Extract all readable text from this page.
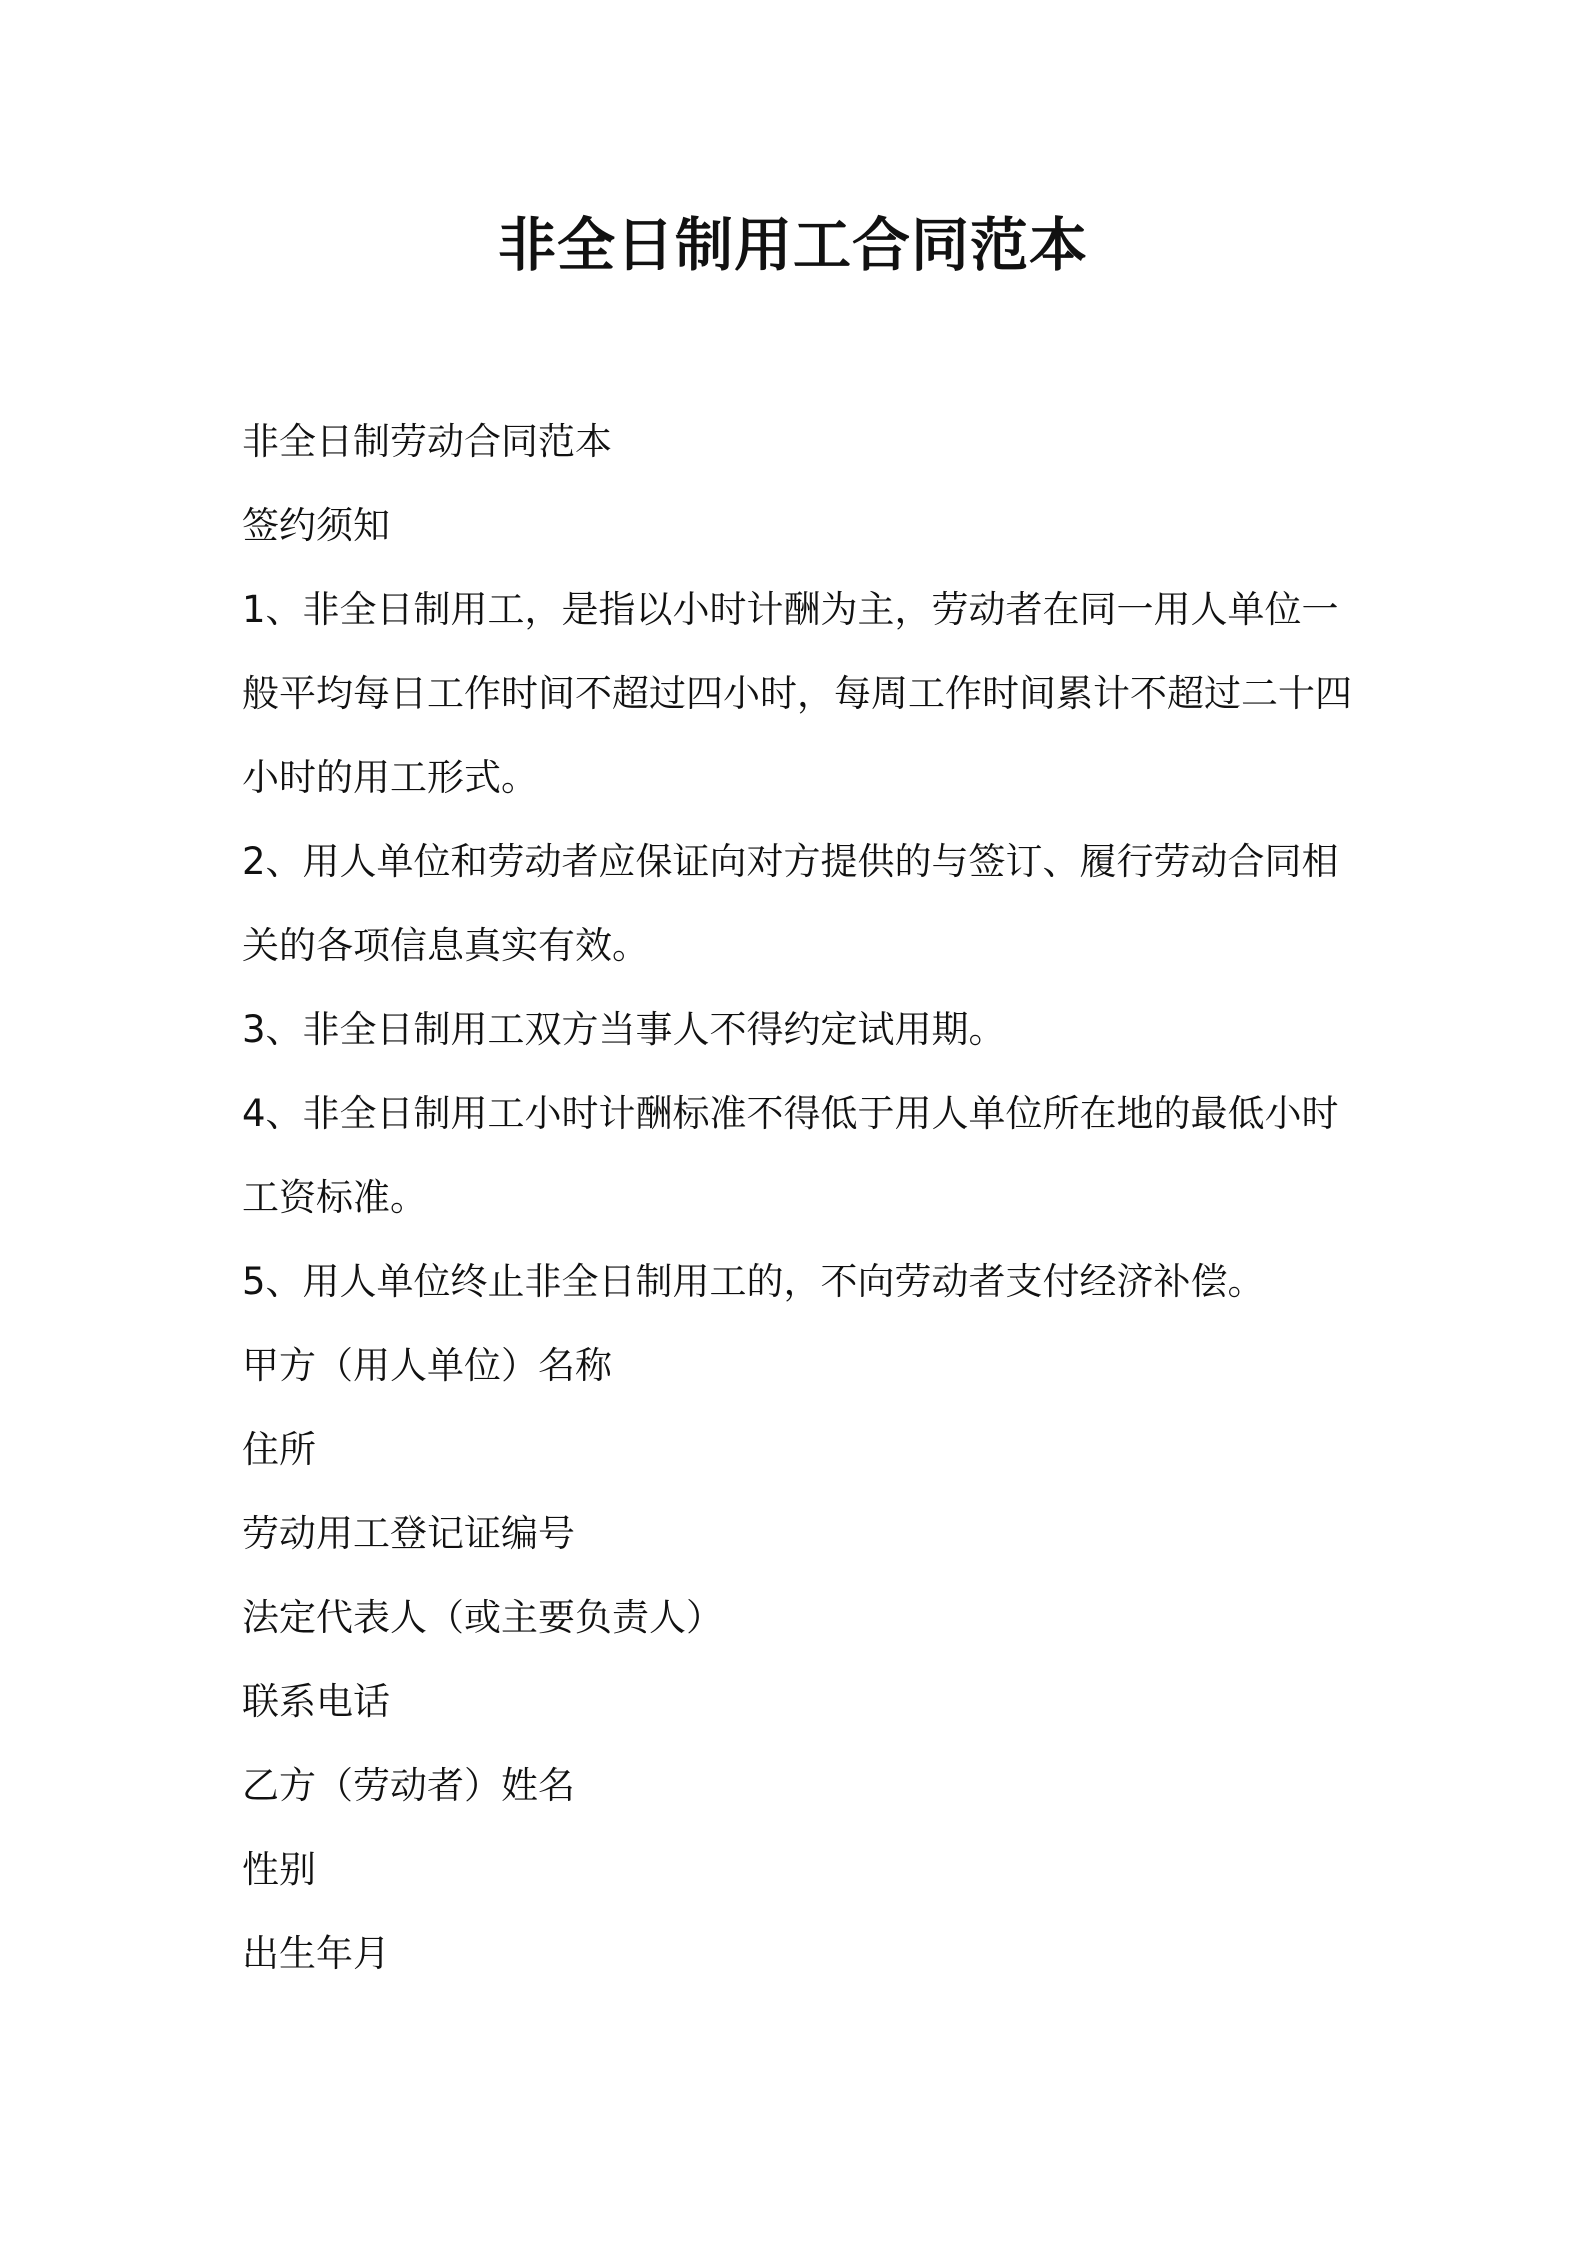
非全日制用工合同范本

非全日制劳动合同范本

签约须知

1、非全日制用工，是指以小时计酬为主，劳动者在同一用人单位一般平均每日工作时间不超过四小时，每周工作时间累计不超过二十四小时的用工形式。

2、用人单位和劳动者应保证向对方提供的与签订、履行劳动合同相关的各项信息真实有效。

3、非全日制用工双方当事人不得约定试用期。

4、非全日制用工小时计酬标准不得低于用人单位所在地的最低小时工资标准。

5、用人单位终止非全日制用工的，不向劳动者支付经济补偿。

甲方（用人单位）名称

住所

劳动用工登记证编号

法定代表人（或主要负责人）

联系电话

乙方（劳动者）姓名

性别

出生年月
